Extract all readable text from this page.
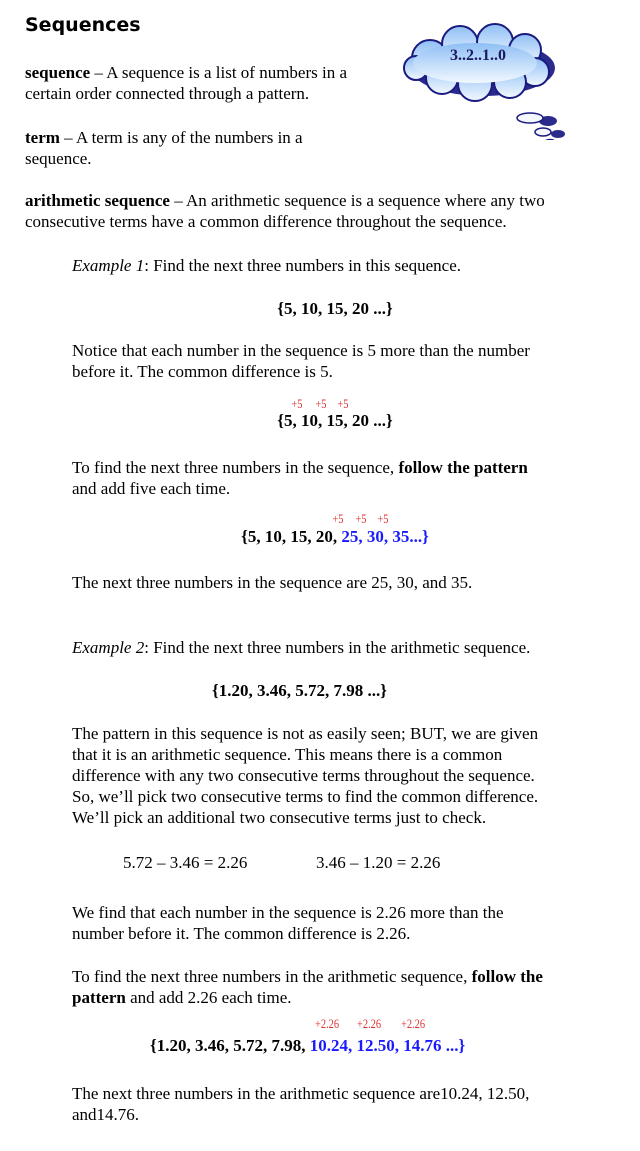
Sequences
3..2..1..0
sequence – A sequence is a list of numbers in a
certain order connected through a pattern.
term – A term is any of the numbers in a
sequence.
arithmetic sequence – An arithmetic sequence is a sequence where any two
consecutive terms have a common difference throughout the sequence.
Example 1: Find the next three numbers in this sequence.
{5, 10, 15, 20 ...}
Notice that each number in the sequence is 5 more than the number
before it. The common difference is 5.
+5 +5 +5
{5, 10, 15, 20 ...}
To find the next three numbers in the sequence, follow the pattern
and add five each time.
+5 +5 +5
{5, 10, 15, 20, 25, 30, 35...}
The next three numbers in the sequence are 25, 30, and 35.
Example 2: Find the next three numbers in the arithmetic sequence.
{1.20, 3.46, 5.72, 7.98 ...}
The pattern in this sequence is not as easily seen; BUT, we are given
that it is an arithmetic sequence. This means there is a common
difference with any two consecutive terms throughout the sequence.
So, we’ll pick two consecutive terms to find the common difference.
We’ll pick an additional two consecutive terms just to check.
5.72 – 3.46 = 2.26	3.46 – 1.20 = 2.26
We find that each number in the sequence is 2.26 more than the
number before it. The common difference is 2.26.
To find the next three numbers in the arithmetic sequence, follow the
pattern and add 2.26 each time.
+2.26 +2.26 +2.26
{1.20, 3.46, 5.72, 7.98, 10.24, 12.50, 14.76 ...}
The next three numbers in the arithmetic sequence are10.24, 12.50,
and14.76.
